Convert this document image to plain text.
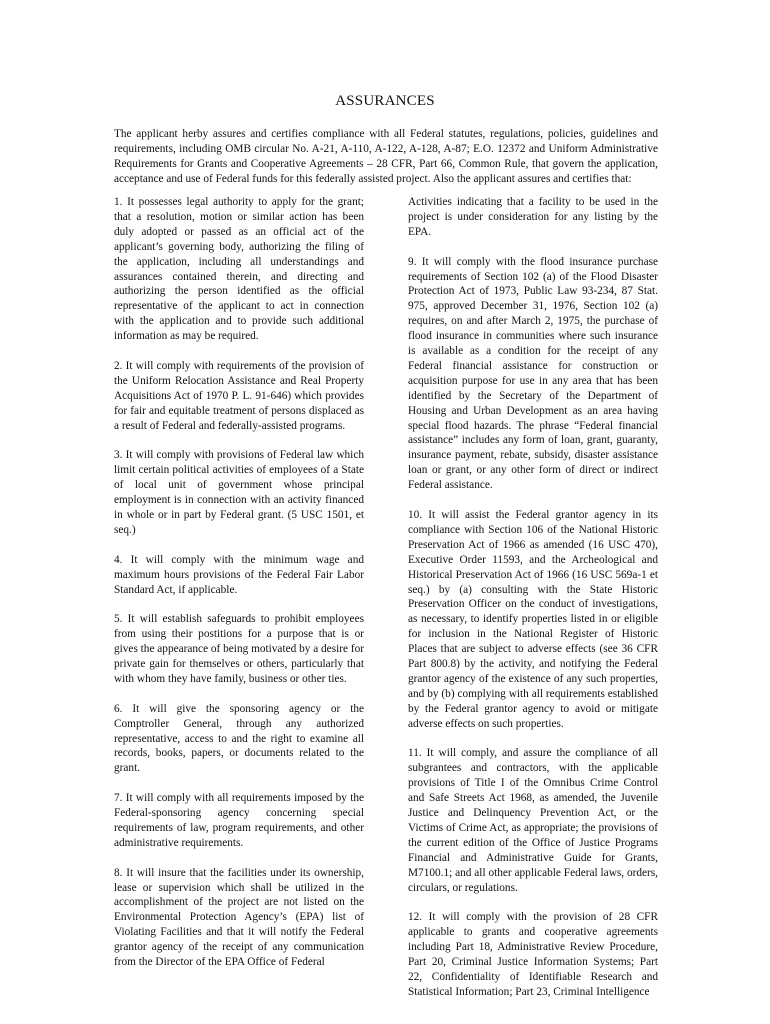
ASSURANCES
The applicant herby assures and certifies compliance with all Federal statutes, regulations, policies, guidelines and requirements, including OMB circular No. A-21, A-110, A-122, A-128, A-87; E.O. 12372 and Uniform Administrative Requirements for Grants and Cooperative Agreements – 28 CFR, Part 66, Common Rule, that govern the application, acceptance and use of Federal funds for this federally assisted project. Also the applicant assures and certifies that:

1. It possesses legal authority to apply for the grant; that a resolution, motion or similar action has been duly adopted or passed as an official act of the applicant’s governing body, authorizing the filing of the application, including all understandings and assurances contained therein, and directing and authorizing the person identified as the official representative of the applicant to act in connection with the application and to provide such additional information as may be required.

2. It will comply with requirements of the provision of the Uniform Relocation Assistance and Real Property Acquisitions Act of 1970 P. L. 91-646) which provides for fair and equitable treatment of persons displaced as a result of Federal and federally-assisted programs.

3. It will comply with provisions of Federal law which limit certain political activities of employees of a State of local unit of government whose principal employment is in connection with an activity financed in whole or in part by Federal grant. (5 USC 1501, et seq.)

4. It will comply with the minimum wage and maximum hours provisions of the Federal Fair Labor Standard Act, if applicable.

5. It will establish safeguards to prohibit employees from using their postitions for a purpose that is or gives the appearance of being motivated by a desire for private gain for themselves or others, particularly that with whom they have family, business or other ties.

6. It will give the sponsoring agency or the Comptroller General, through any authorized representative, access to and the right to examine all records, books, papers, or documents related to the grant.

7. It will comply with all requirements imposed by the Federal-sponsoring agency concerning special requirements of law, program requirements, and other administrative requirements.

8. It will insure that the facilities under its ownership, lease or supervision which shall be utilized in the accomplishment of the project are not listed on the Environmental Protection Agency’s (EPA) list of Violating Facilities and that it will notify the Federal grantor agency of the receipt of any communication from the Director of the EPA Office of Federal

Activities indicating that a facility to be used in the project is under consideration for any listing by the EPA.

9. It will comply with the flood insurance purchase requirements of Section 102 (a) of the Flood Disaster Protection Act of 1973, Public Law 93-234, 87 Stat. 975, approved December 31, 1976, Section 102 (a) requires, on and after March 2, 1975, the purchase of flood insurance in communities where such insurance is available as a condition for the receipt of any Federal financial assistance for construction or acquisition purpose for use in any area that has been identified by the Secretary of the Department of Housing and Urban Development as an area having special flood hazards. The phrase “Federal financial assistance” includes any form of loan, grant, guaranty, insurance payment, rebate, subsidy, disaster assistance loan or grant, or any other form of direct or indirect Federal assistance.

10. It will assist the Federal grantor agency in its compliance with Section 106 of the National Historic Preservation Act of 1966 as amended (16 USC 470), Executive Order 11593, and the Archeological and Historical Preservation Act of 1966 (16 USC 569a-1 et seq.) by (a) consulting with the State Historic Preservation Officer on the conduct of investigations, as necessary, to identify properties listed in or eligible for inclusion in the National Register of Historic Places that are subject to adverse effects (see 36 CFR Part 800.8) by the activity, and notifying the Federal grantor agency of the existence of any such properties, and by (b) complying with all requirements established by the Federal grantor agency to avoid or mitigate adverse effects on such properties.

11. It will comply, and assure the compliance of all subgrantees and contractors, with the applicable provisions of Title I of the Omnibus Crime Control and Safe Streets Act 1968, as amended, the Juvenile Justice and Delinquency Prevention Act, or the Victims of Crime Act, as appropriate; the provisions of the current edition of the Office of Justice Programs Financial and Administrative Guide for Grants, M7100.1; and all other applicable Federal laws, orders, circulars, or regulations.

12. It will comply with the provision of 28 CFR applicable to grants and cooperative agreements including Part 18, Administrative Review Procedure, Part 20, Criminal Justice Information Systems; Part 22, Confidentiality of Identifiable Research and Statistical Information; Part 23, Criminal Intelligence
